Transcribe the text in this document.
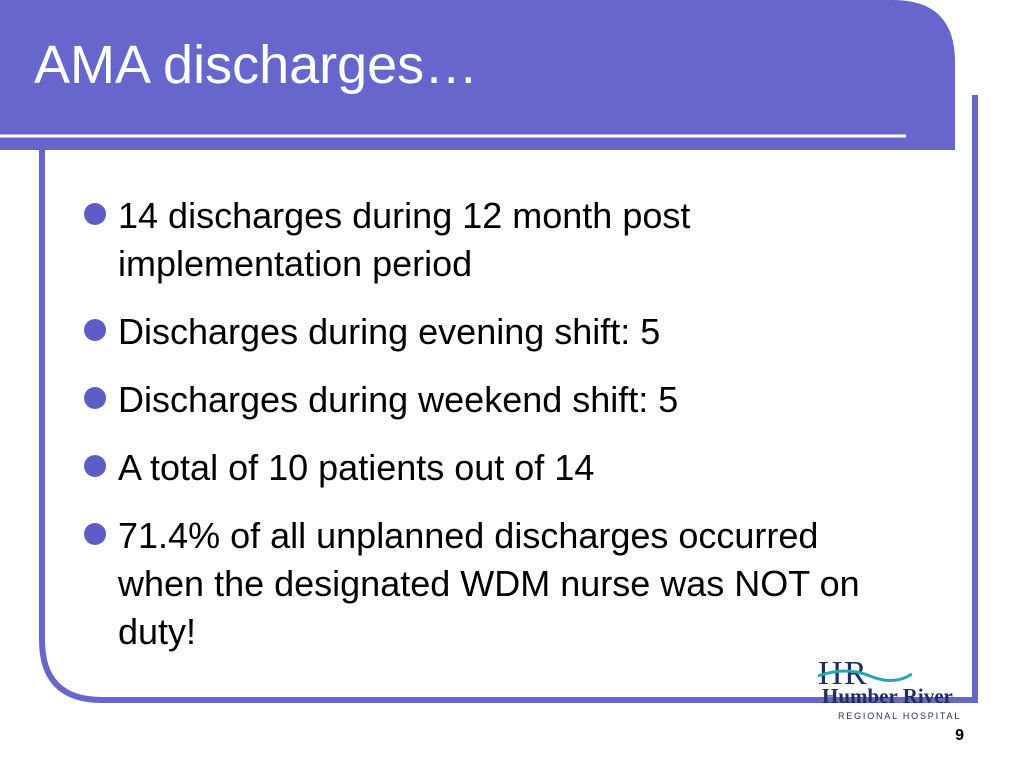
AMA discharges…
14 discharges during 12 month post implementation period
Discharges during evening shift: 5
Discharges during weekend shift: 5
A total of 10 patients out of 14
71.4% of all unplanned discharges occurred when the designated WDM nurse was NOT on duty!
H R
Humber River
REGIONAL HOSPITAL
9
